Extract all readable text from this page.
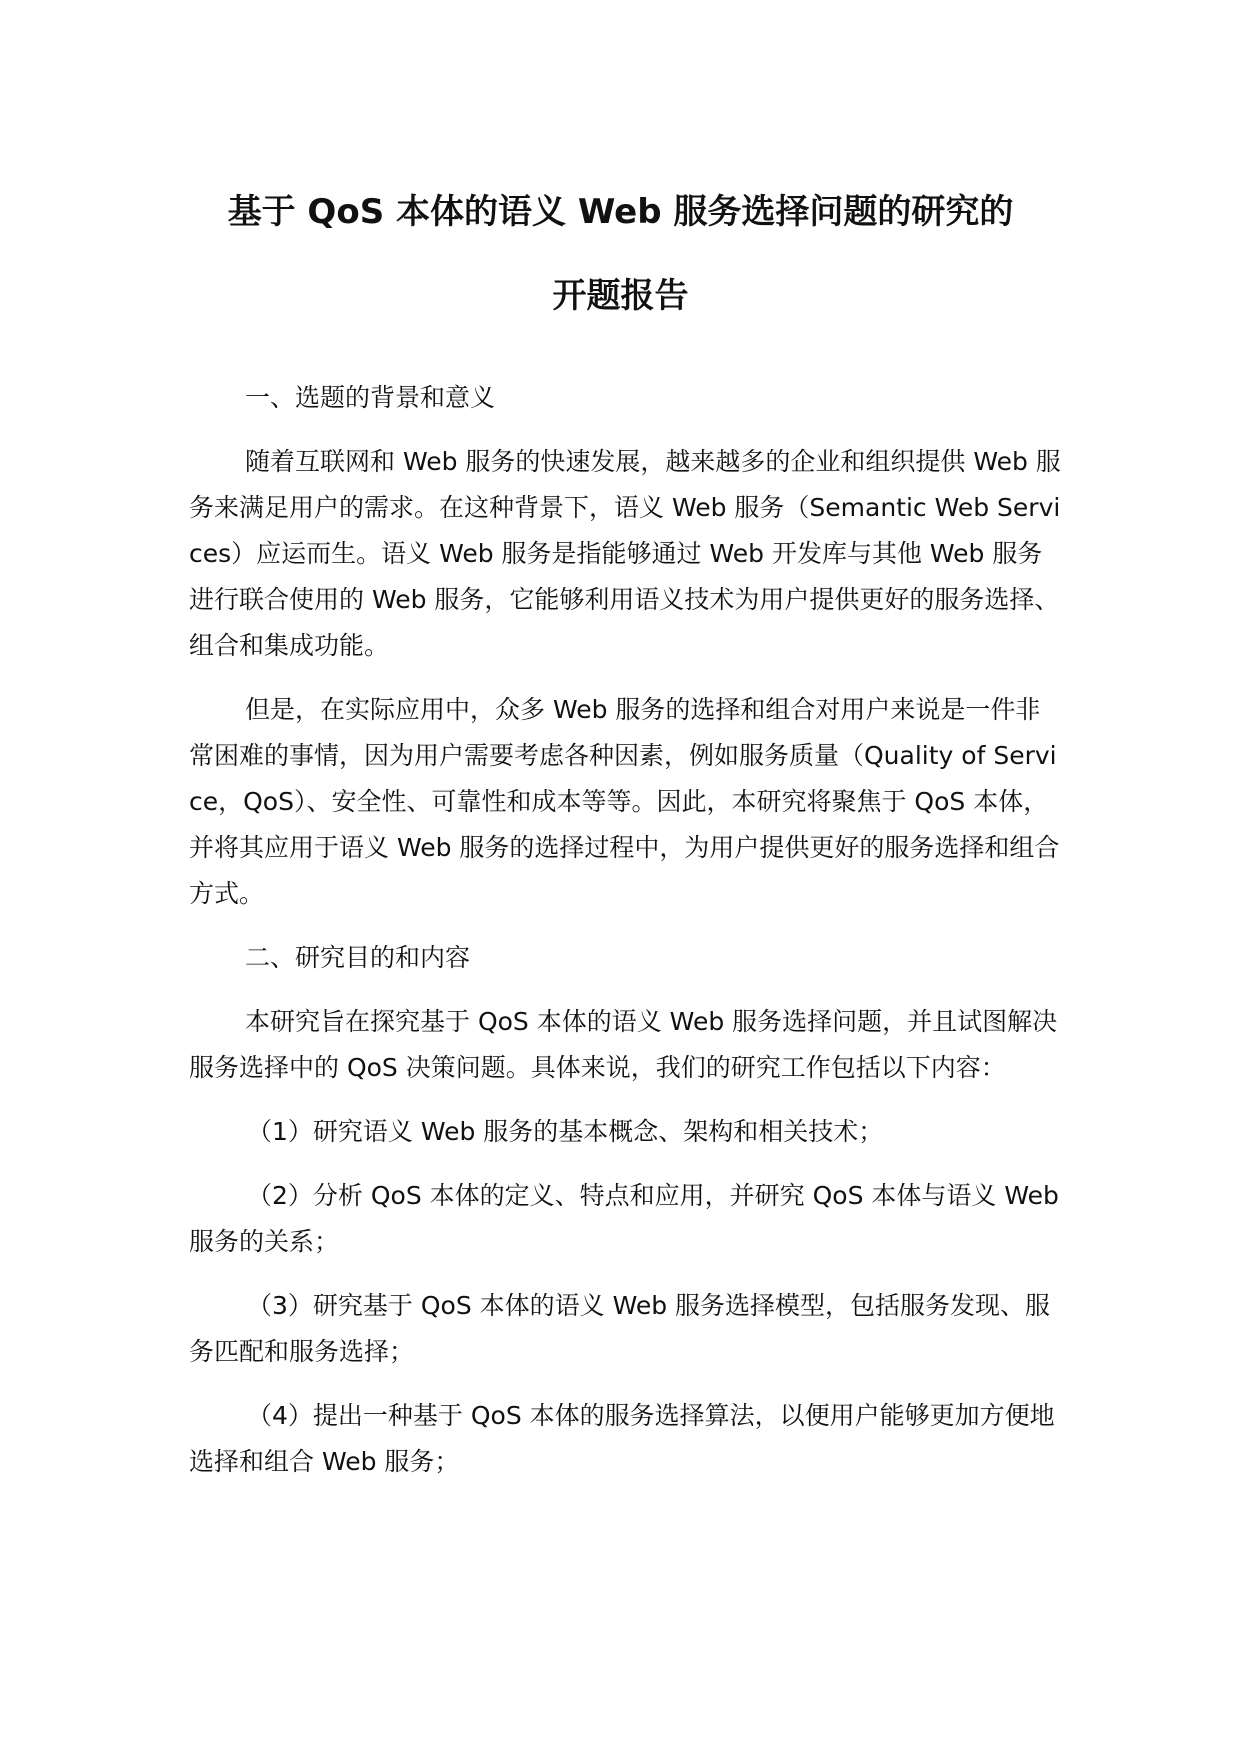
基于 QoS 本体的语义 Web 服务选择问题的研究的

开题报告

一、选题的背景和意义

随着互联网和 Web 服务的快速发展，越来越多的企业和组织提供 Web 服务来满足用户的需求。在这种背景下，语义 Web 服务（Semantic Web Services）应运而生。语义 Web 服务是指能够通过 Web 开发库与其他 Web 服务进行联合使用的 Web 服务，它能够利用语义技术为用户提供更好的服务选择、组合和集成功能。

但是，在实际应用中，众多 Web 服务的选择和组合对用户来说是一件非常困难的事情，因为用户需要考虑各种因素，例如服务质量（Quality of Service，QoS）、安全性、可靠性和成本等等。因此，本研究将聚焦于 QoS 本体，并将其应用于语义 Web 服务的选择过程中，为用户提供更好的服务选择和组合方式。

二、研究目的和内容

本研究旨在探究基于 QoS 本体的语义 Web 服务选择问题，并且试图解决服务选择中的 QoS 决策问题。具体来说，我们的研究工作包括以下内容：

（1）研究语义 Web 服务的基本概念、架构和相关技术；

（2）分析 QoS 本体的定义、特点和应用，并研究 QoS 本体与语义 Web 服务的关系；

（3）研究基于 QoS 本体的语义 Web 服务选择模型，包括服务发现、服务匹配和服务选择；

（4）提出一种基于 QoS 本体的服务选择算法，以便用户能够更加方便地选择和组合 Web 服务；
